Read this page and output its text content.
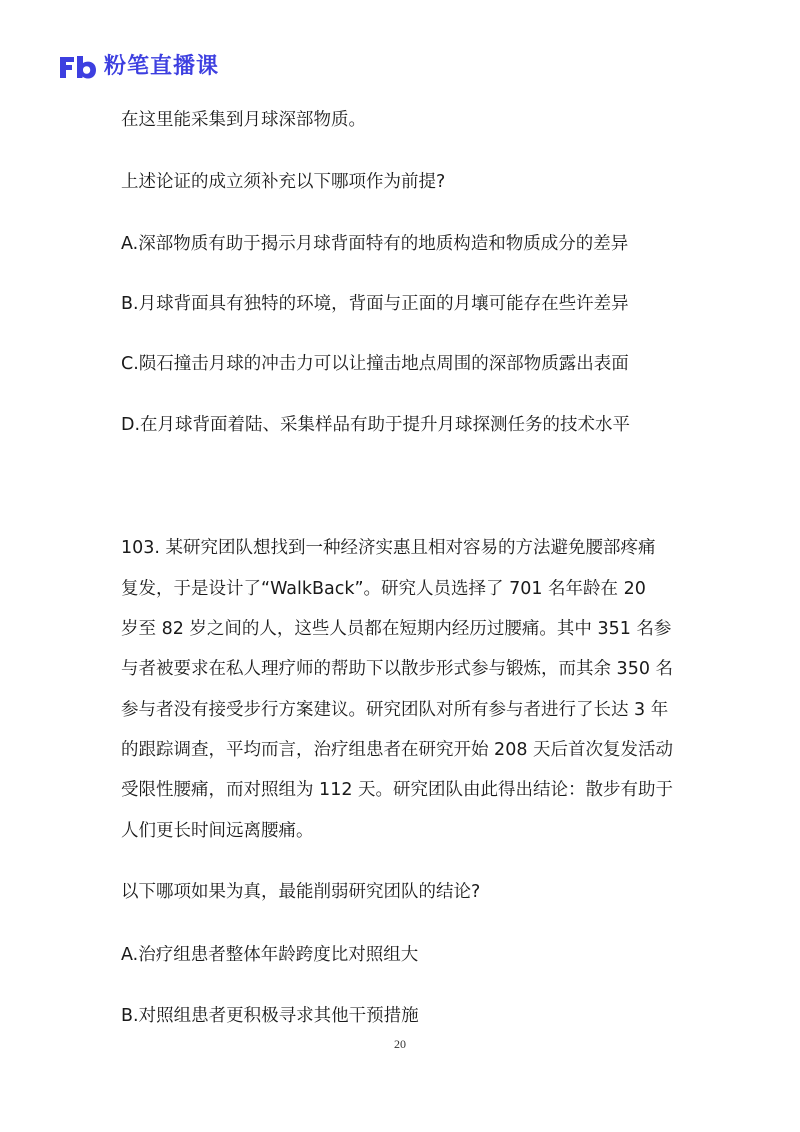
粉笔直播课
在这里能采集到月球深部物质。
上述论证的成立须补充以下哪项作为前提?
A.深部物质有助于揭示月球背面特有的地质构造和物质成分的差异
B.月球背面具有独特的环境，背面与正面的月壤可能存在些许差异
C.陨石撞击月球的冲击力可以让撞击地点周围的深部物质露出表面
D.在月球背面着陆、采集样品有助于提升月球探测任务的技术水平
103. 某研究团队想找到一种经济实惠且相对容易的方法避免腰部疼痛
复发，于是设计了“WalkBack”。研究人员选择了 701 名年龄在 20
岁至 82 岁之间的人，这些人员都在短期内经历过腰痛。其中 351 名参
与者被要求在私人理疗师的帮助下以散步形式参与锻炼，而其余 350 名
参与者没有接受步行方案建议。研究团队对所有参与者进行了长达 3 年
的跟踪调查，平均而言，治疗组患者在研究开始 208 天后首次复发活动
受限性腰痛，而对照组为 112 天。研究团队由此得出结论：散步有助于
人们更长时间远离腰痛。
以下哪项如果为真，最能削弱研究团队的结论?
A.治疗组患者整体年龄跨度比对照组大
B.对照组患者更积极寻求其他干预措施
20
